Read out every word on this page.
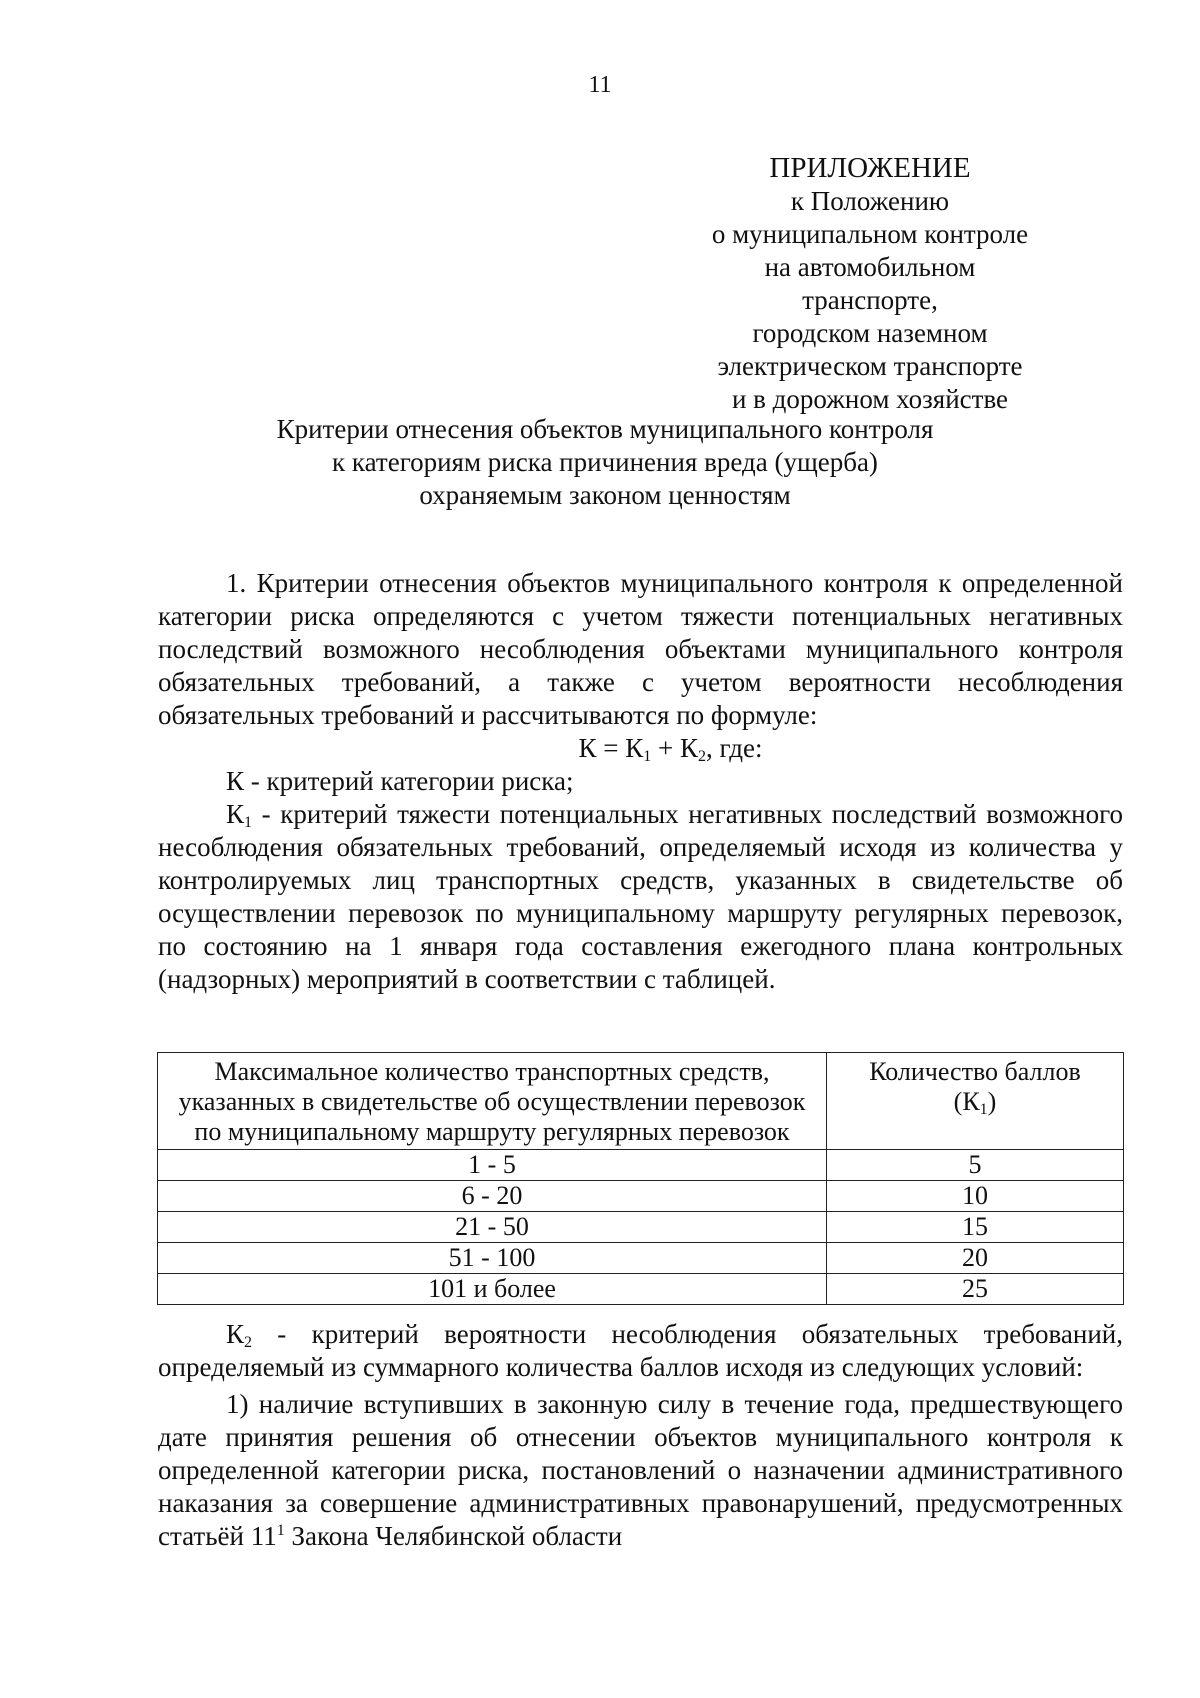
11
ПРИЛОЖЕНИЕ
к Положению
о муниципальном контроле
на автомобильном транспорте,
городском наземном
электрическом транспорте
и в дорожном хозяйстве
Критерии отнесения объектов муниципального контроля
к категориям риска причинения вреда (ущерба)
охраняемым законом ценностям

1. Критерии отнесения объектов муниципального контроля к определенной категории риска определяются с учетом тяжести потенциальных негативных последствий возможного несоблюдения объектами муниципального контроля обязательных требований, а также с учетом вероятности несоблюдения обязательных требований и рассчитываются по формуле:

$К = К_1 + К_2$, где:

К - критерий категории риска;

$К_1$ - критерий тяжести потенциальных негативных последствий возможного несоблюдения обязательных требований, определяемый исходя из количества у контролируемых лиц транспортных средств, указанных в свидетельстве об осуществлении перевозок по муниципальному маршруту регулярных перевозок, по состоянию на 1 января года составления ежегодного плана контрольных (надзорных) мероприятий в соответствии с таблицей.

Максимальное количество транспортных средств, указанных в свидетельстве об осуществлении перевозок по муниципальному маршруту регулярных перевозок	Количество баллов
$(К_1)$
1 - 5	5
6 - 20	10
21 - 50	15
51 - 100	20
101 и более	25

$К_2$ - критерий вероятности несоблюдения обязательных требований, определяемый из суммарного количества баллов исходя из следующих условий:

1) наличие вступивших в законную силу в течение года, предшествующего дате принятия решения об отнесении объектов муниципального контроля к определенной категории риска, постановлений о назначении административного наказания за совершение административных правонарушений, предусмотренных статьёй $11^1$ Закона Челябинской области
